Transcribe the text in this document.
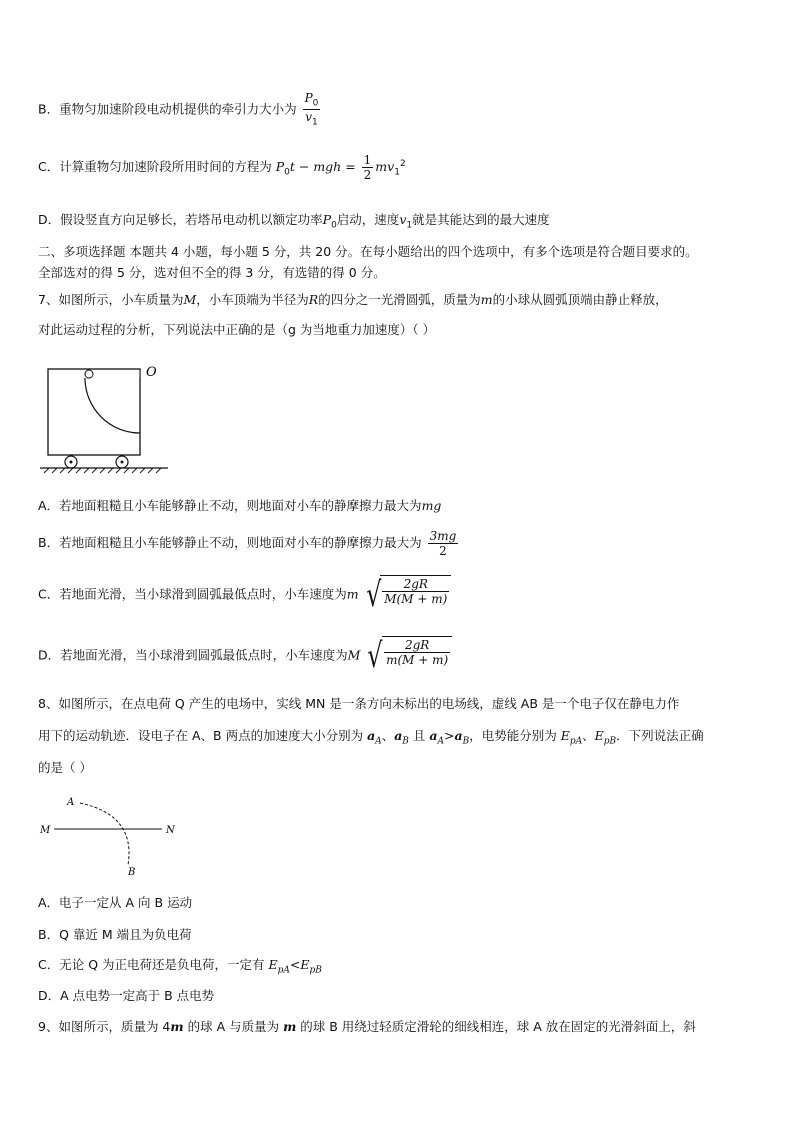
B．重物匀加速阶段电动机提供的牵引力大小为 $\frac{P_0}{v_1}$
C．计算重物匀加速阶段所用时间的方程为 $P_0t$ − mgh = $\frac{1}{2} mv_1^2$
D．假设竖直方向足够长，若塔吊电动机以额定功率$P_0$启动，速度$v_1$就是其能达到的最大速度
二、多项选择题 本题共 4 小题，每小题 5 分，共 20 分。在每小题给出的四个选项中，有多个选项是符合题目要求的。
全部选对的得 5 分，选对但不全的得 3 分，有选错的得 0 分。
7、如图所示，小车质量为M，小车顶端为半径为R的四分之一光滑圆弧，质量为m的小球从圆弧顶端由静止释放，
对此运动过程的分析，下列说法中正确的是（g 为当地重力加速度）（ ）
O
A．若地面粗糙且小车能够静止不动，则地面对小车的静摩擦力最大为mg
B．若地面粗糙且小车能够静止不动，则地面对小车的静摩擦力最大为 $\frac{3mg}{2}$
C．若地面光滑，当小球滑到圆弧最低点时，小车速度为m √ $\frac{2gR}{M(M + m)}$
D．若地面光滑，当小球滑到圆弧最低点时，小车速度为M √ $\frac{2gR}{m(M + m)}$
8、如图所示，在点电荷 Q 产生的电场中，实线 MN 是一条方向未标出的电场线，虚线 AB 是一个电子仅在静电力作
用下的运动轨迹．设电子在 A、B 两点的加速度大小分别为 $a_A$、$a_B$ 且 $a_A>a_B$，电势能分别为 $E_{pA}$、$E_{pB}$．下列说法正确
的是（ ）
M	N
A
B
A．电子一定从 A 向 B 运动
B．Q 靠近 M 端且为负电荷
C．无论 Q 为正电荷还是负电荷，一定有 $E_{pA}<E_{pB}$
D．A 点电势一定高于 B 点电势
9、如图所示，质量为 4m 的球 A 与质量为 m 的球 B 用绕过轻质定滑轮的细线相连，球 A 放在固定的光滑斜面上，斜
